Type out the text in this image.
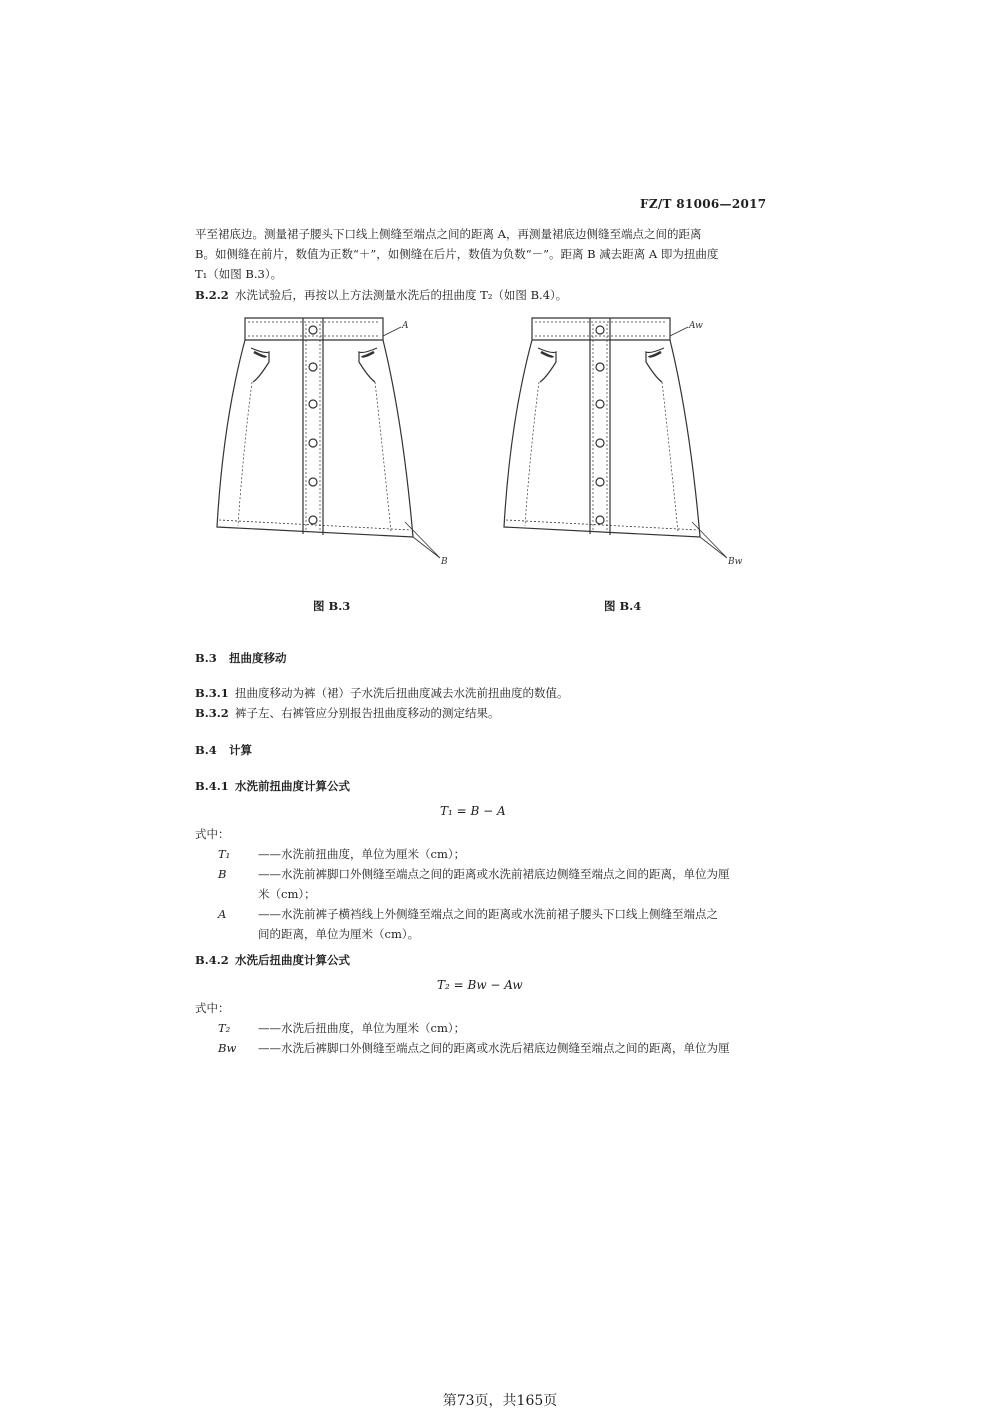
FZ/T 81006—2017
平至裙底边。测量裙子腰头下口线上侧缝至端点之间的距离 A，再测量裙底边侧缝至端点之间的距离
B。如侧缝在前片，数值为正数“＋”，如侧缝在后片，数值为负数“－”。距离 B 减去距离 A 即为扭曲度
T₁（如图 B.3）。
B.2.2 水洗试验后，再按以上方法测量水洗后的扭曲度 T₂（如图 B.4）。
A
B
图 B.3
Aw
Bw
图 B.4
B.3 扭曲度移动
B.3.1 扭曲度移动为裤（裙）子水洗后扭曲度减去水洗前扭曲度的数值。
B.3.2 裤子左、右裤管应分别报告扭曲度移动的测定结果。
B.4 计算
B.4.1 水洗前扭曲度计算公式
T₁ = B − A
式中：
T₁	——水洗前扭曲度，单位为厘米（cm）；
B	——水洗前裤脚口外侧缝至端点之间的距离或水洗前裙底边侧缝至端点之间的距离，单位为厘
米（cm）；
A	——水洗前裤子横裆线上外侧缝至端点之间的距离或水洗前裙子腰头下口线上侧缝至端点之
间的距离，单位为厘米（cm）。
B.4.2 水洗后扭曲度计算公式
T₂ = Bw − Aw
式中：
T₂	——水洗后扭曲度，单位为厘米（cm）；
Bw	——水洗后裤脚口外侧缝至端点之间的距离或水洗后裙底边侧缝至端点之间的距离，单位为厘
第73页，共165页
